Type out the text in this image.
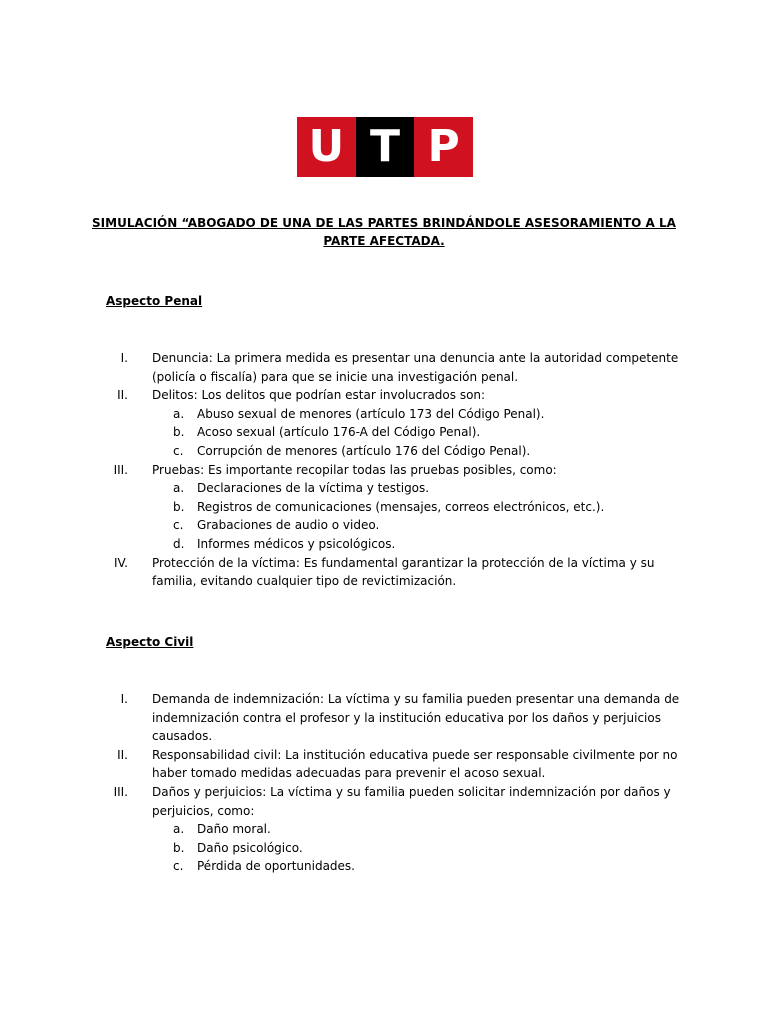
U T P
SIMULACIÓN “ABOGADO DE UNA DE LAS PARTES BRINDÁNDOLE ASESORAMIENTO A LA PARTE AFECTADA.
Aspecto Penal
I. Denuncia: La primera medida es presentar una denuncia ante la autoridad competente (policía o fiscalía) para que se inicie una investigación penal.
II. Delitos: Los delitos que podrían estar involucrados son:
a. Abuso sexual de menores (artículo 173 del Código Penal).
b. Acoso sexual (artículo 176-A del Código Penal).
c. Corrupción de menores (artículo 176 del Código Penal).
III. Pruebas: Es importante recopilar todas las pruebas posibles, como:
a. Declaraciones de la víctima y testigos.
b. Registros de comunicaciones (mensajes, correos electrónicos, etc.).
c. Grabaciones de audio o video.
d. Informes médicos y psicológicos.
IV. Protección de la víctima: Es fundamental garantizar la protección de la víctima y su familia, evitando cualquier tipo de revictimización.
Aspecto Civil
I. Demanda de indemnización: La víctima y su familia pueden presentar una demanda de indemnización contra el profesor y la institución educativa por los daños y perjuicios causados.
II. Responsabilidad civil: La institución educativa puede ser responsable civilmente por no haber tomado medidas adecuadas para prevenir el acoso sexual.
III. Daños y perjuicios: La víctima y su familia pueden solicitar indemnización por daños y perjuicios, como:
a. Daño moral.
b. Daño psicológico.
c. Pérdida de oportunidades.
